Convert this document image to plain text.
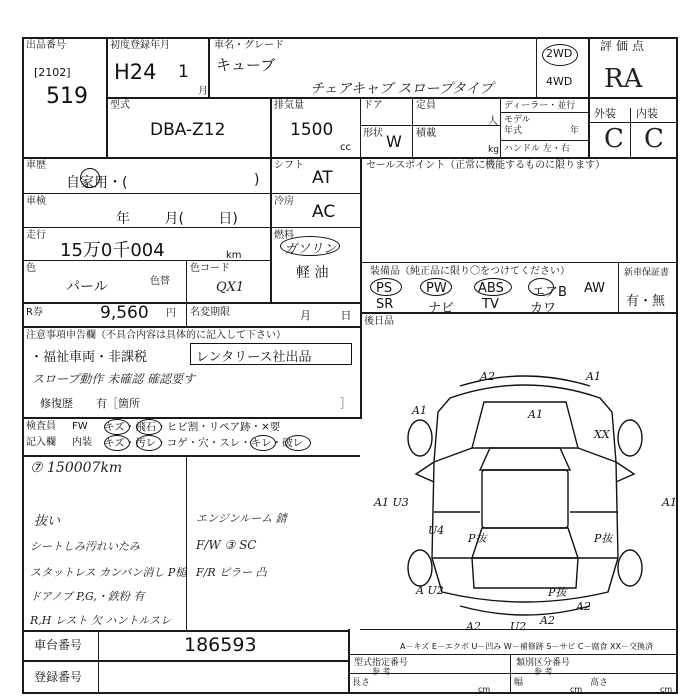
出品番号
[2102]
519
初度登録年月
H24 1
月
車名・グレード
キューブ
チェアキャブ スロープタイプ
2WD
4WD
評価点
RA
型式
DBA-Z12
排気量
1500
cc
ドア
形状 W
定員
人
積載
kg
ディーラー・並行
モデル
年式	年
ハンドル 左・右
外装 内装
C C
車歴
自家用・(	)
シフト
AT
車検
年 月( 日)
冷房
AC
走行
15万0千004	km
燃料
ガソリン
軽 油
色
パール	色替
色コード
QX1
R券	9,560 円 名変期限	月 日
セールスポイント（正常に機能するものに限ります）
装備品（純正品に限り〇をつけてください）
PS	PW ABS エアB AW
SR	ナビ TV カワ
新車保証書
有・無
後日品
注意事項申告欄（不具合内容は具体的に記入して下さい）
・福祉車両・非課税	レンタリース社出品
スロープ動作 未確認 確認要す
修復歴 有［箇所	］
検査員
記入欄
FW キズ・飛石・ヒビ割・リペア跡・×要
内装 キズ・汚レ・コゲ・穴・スレ・キレ・破レ
⑦ 150007km
抜い
シートしみ汚れいたみ
スタットレス カンバン消し P槌
ドアノブ P,G,・鉄粉 有
R,H レスト 欠 ハントルスレ
エンジンルーム 錆
F/W ③ SC
F/R ピラー 凸
車台番号	186593
登録番号
A－キズ E－エクボ U－凹み W－補修跡 S－サビ C－腐食 XX－交換済
型式指定番号
参 考
類別区分番号
参 考
長さ
cm
幅
cm
高さ
cm
A2	A1
A1	A1
XX
A1 U3	A1
U4
P抜	P抜
A U2
A2	U2 A2
A2
P抜
